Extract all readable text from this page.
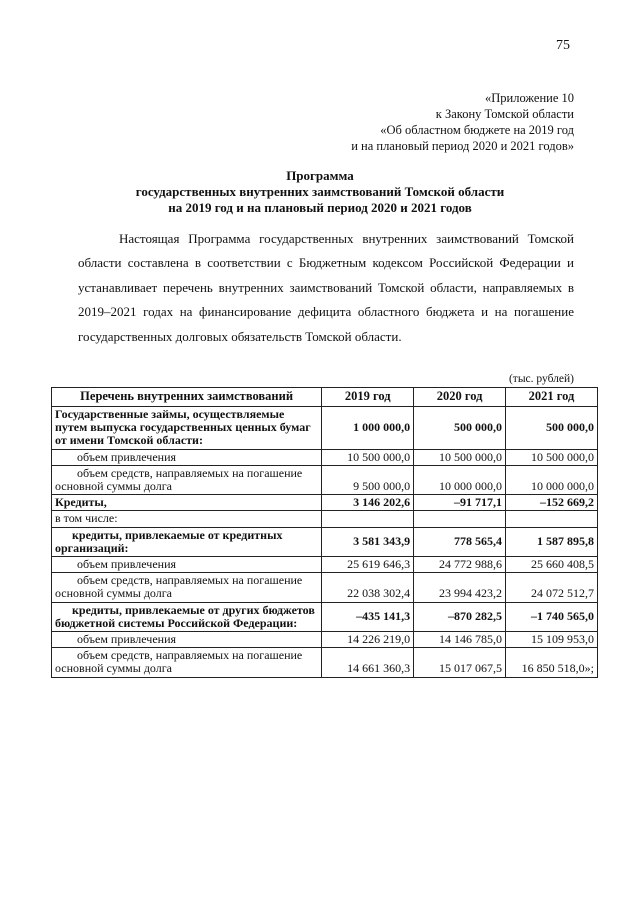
75
«Приложение 10
к Закону Томской области
«Об областном бюджете на 2019 год
и на плановый период 2020 и 2021 годов»
Программа
государственных внутренних заимствований Томской области
на 2019 год и на плановый период 2020 и 2021 годов

Настоящая Программа государственных внутренних заимствований Томской области составлена в соответствии с Бюджетным кодексом Российской Федерации и устанавливает перечень внутренних заимствований Томской области, направляемых в 2019–2021 годах на финансирование дефицита областного бюджета и на погашение государственных долговых обязательств Томской области.

(тыс. рублей)
Перечень внутренних заимствований	2019 год	2020 год	2021 год
Государственные займы, осуществляемые путем выпуска государственных ценных бумаг от имени Томской области:	1 000 000,0	500 000,0	500 000,0
объем привлечения	10 500 000,0	10 500 000,0	10 500 000,0
объем средств, направляемых на погашение основной суммы долга	9 500 000,0	10 000 000,0	10 000 000,0
Кредиты,	3 146 202,6	–91 717,1	–152 669,2
в том числе:			
кредиты, привлекаемые от кредитных организаций:	3 581 343,9	778 565,4	1 587 895,8
объем привлечения	25 619 646,3	24 772 988,6	25 660 408,5
объем средств, направляемых на погашение основной суммы долга	22 038 302,4	23 994 423,2	24 072 512,7
кредиты, привлекаемые от других бюджетов бюджетной системы Российской Федерации:	–435 141,3	–870 282,5	–1 740 565,0
объем привлечения	14 226 219,0	14 146 785,0	15 109 953,0
объем средств, направляемых на погашение основной суммы долга	14 661 360,3	15 017 067,5	16 850 518,0»;
